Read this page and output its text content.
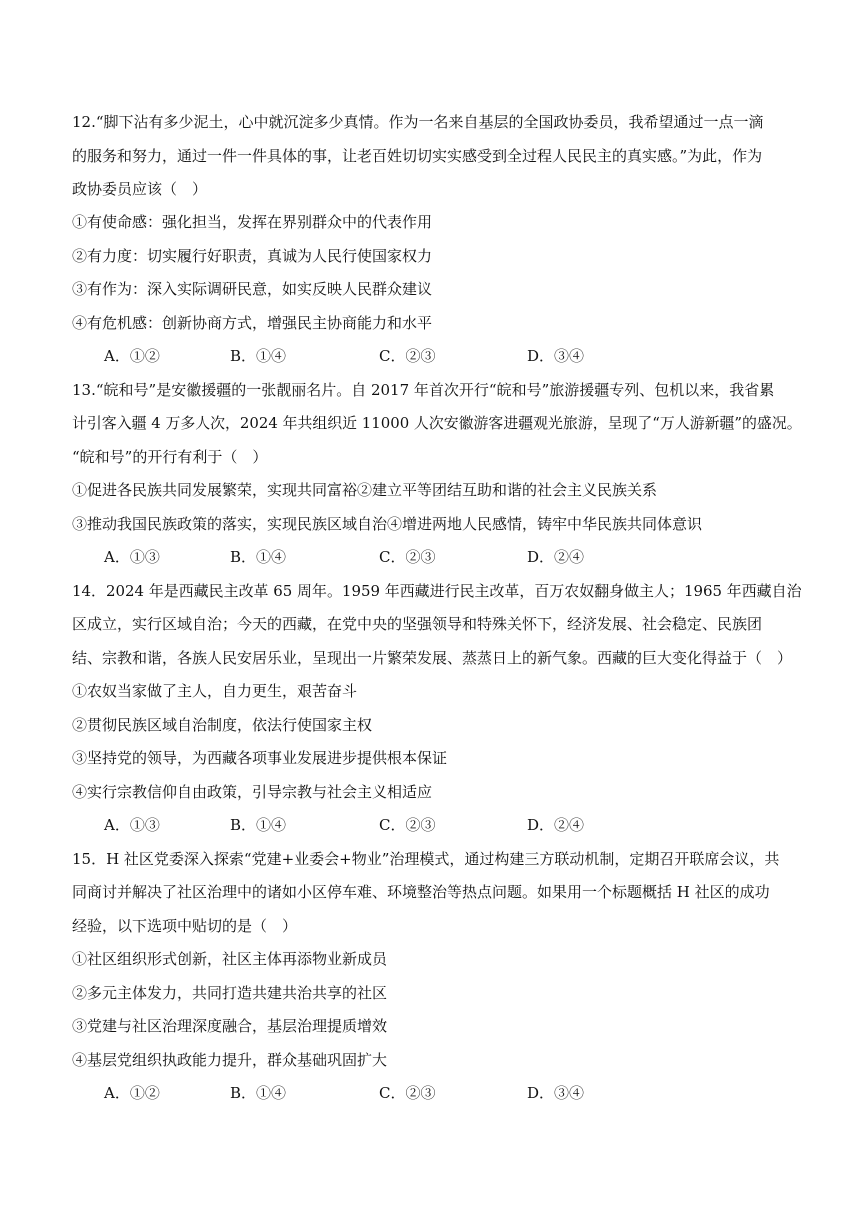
12.“脚下沾有多少泥土，心中就沉淀多少真情。作为一名来自基层的全国政协委员，我希望通过一点一滴
的服务和努力，通过一件一件具体的事，让老百姓切切实实感受到全过程人民民主的真实感。”为此，作为
政协委员应该（　）
①有使命感：强化担当，发挥在界别群众中的代表作用
②有力度：切实履行好职责，真诚为人民行使国家权力
③有作为：深入实际调研民意，如实反映人民群众建议
④有危机感：创新协商方式，增强民主协商能力和水平
A．①②	B．①④	C．②③	D．③④
13.“皖和号”是安徽援疆的一张靓丽名片。自 2017 年首次开行“皖和号”旅游援疆专列、包机以来，我省累
计引客入疆 4 万多人次，2024 年共组织近 11000 人次安徽游客进疆观光旅游，呈现了“万人游新疆”的盛况。
“皖和号”的开行有利于（　）
①促进各民族共同发展繁荣，实现共同富裕②建立平等团结互助和谐的社会主义民族关系
③推动我国民族政策的落实，实现民族区域自治④增进两地人民感情，铸牢中华民族共同体意识
A．①③	B．①④	C．②③	D．②④
14．2024 年是西藏民主改革 65 周年。1959 年西藏进行民主改革，百万农奴翻身做主人；1965 年西藏自治
区成立，实行区域自治；今天的西藏，在党中央的坚强领导和特殊关怀下，经济发展、社会稳定、民族团
结、宗教和谐，各族人民安居乐业，呈现出一片繁荣发展、蒸蒸日上的新气象。西藏的巨大变化得益于（　）
①农奴当家做了主人，自力更生，艰苦奋斗
②贯彻民族区域自治制度，依法行使国家主权
③坚持党的领导，为西藏各项事业发展进步提供根本保证
④实行宗教信仰自由政策，引导宗教与社会主义相适应
A．①③	B．①④	C．②③	D．②④
15．H 社区党委深入探索“党建+业委会+物业”治理模式，通过构建三方联动机制，定期召开联席会议，共
同商讨并解决了社区治理中的诸如小区停车难、环境整治等热点问题。如果用一个标题概括 H 社区的成功
经验，以下选项中贴切的是（　）
①社区组织形式创新，社区主体再添物业新成员
②多元主体发力，共同打造共建共治共享的社区
③党建与社区治理深度融合，基层治理提质增效
④基层党组织执政能力提升，群众基础巩固扩大
A．①②	B．①④	C．②③	D．③④
